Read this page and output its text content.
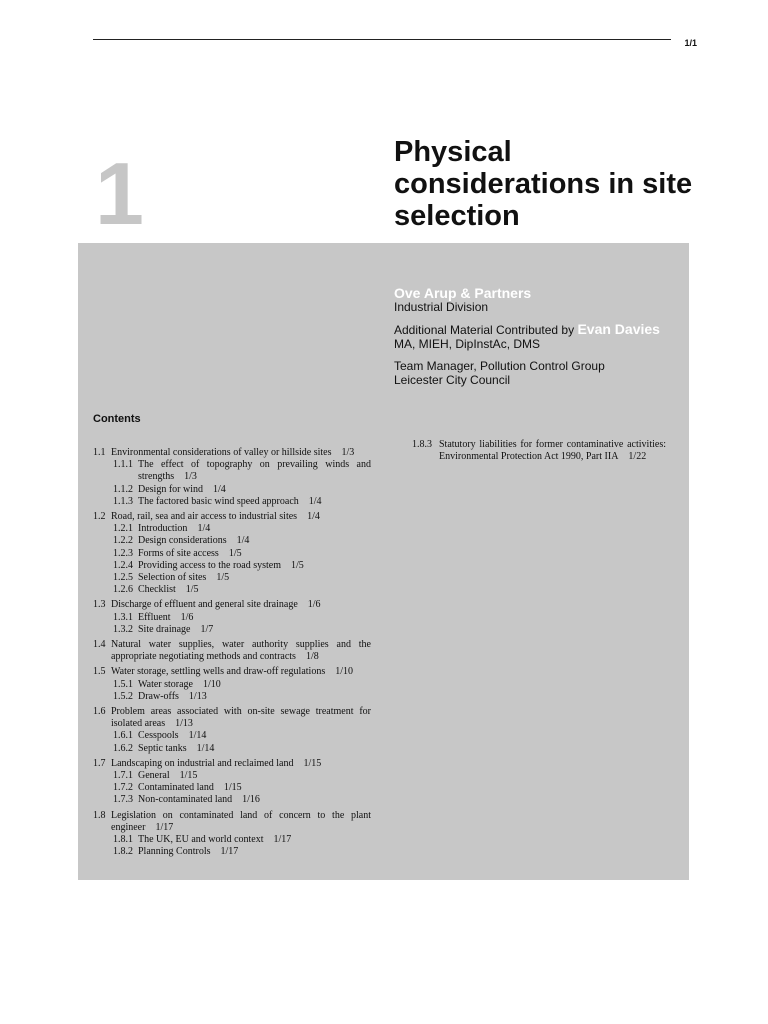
1/1
1	Physical considerations in site selection

Ove Arup & Partners

Industrial Division

Additional Material Contributed by Evan Davies

MA, MIEH, DipInstAc, DMS

Team Manager, Pollution Control Group

Leicester City Council

Contents
1.1 Environmental considerations of valley or hillside sites 1/3
1.1.1 The effect of topography on prevailing winds and strengths 1/3
1.1.2 Design for wind 1/4
1.1.3 The factored basic wind speed approach 1/4
1.2 Road, rail, sea and air access to industrial sites 1/4
1.2.1 Introduction 1/4
1.2.2 Design considerations 1/4
1.2.3 Forms of site access 1/5
1.2.4 Providing access to the road system 1/5
1.2.5 Selection of sites 1/5
1.2.6 Checklist 1/5
1.3 Discharge of effluent and general site drainage 1/6
1.3.1 Effluent 1/6
1.3.2 Site drainage 1/7
1.4 Natural water supplies, water authority supplies and the appropriate negotiating methods and contracts 1/8
1.5 Water storage, settling wells and draw-off regulations 1/10
1.5.1 Water storage 1/10
1.5.2 Draw-offs 1/13
1.6 Problem areas associated with on-site sewage treatment for isolated areas 1/13
1.6.1 Cesspools 1/14
1.6.2 Septic tanks 1/14
1.7 Landscaping on industrial and reclaimed land 1/15
1.7.1 General 1/15
1.7.2 Contaminated land 1/15
1.7.3 Non-contaminated land 1/16
1.8 Legislation on contaminated land of concern to the plant engineer 1/17
1.8.1 The UK, EU and world context 1/17
1.8.2 Planning Controls 1/17
1.8.3 Statutory liabilities for former contaminative activities: Environmental Protection Act 1990, Part IIA 1/22
